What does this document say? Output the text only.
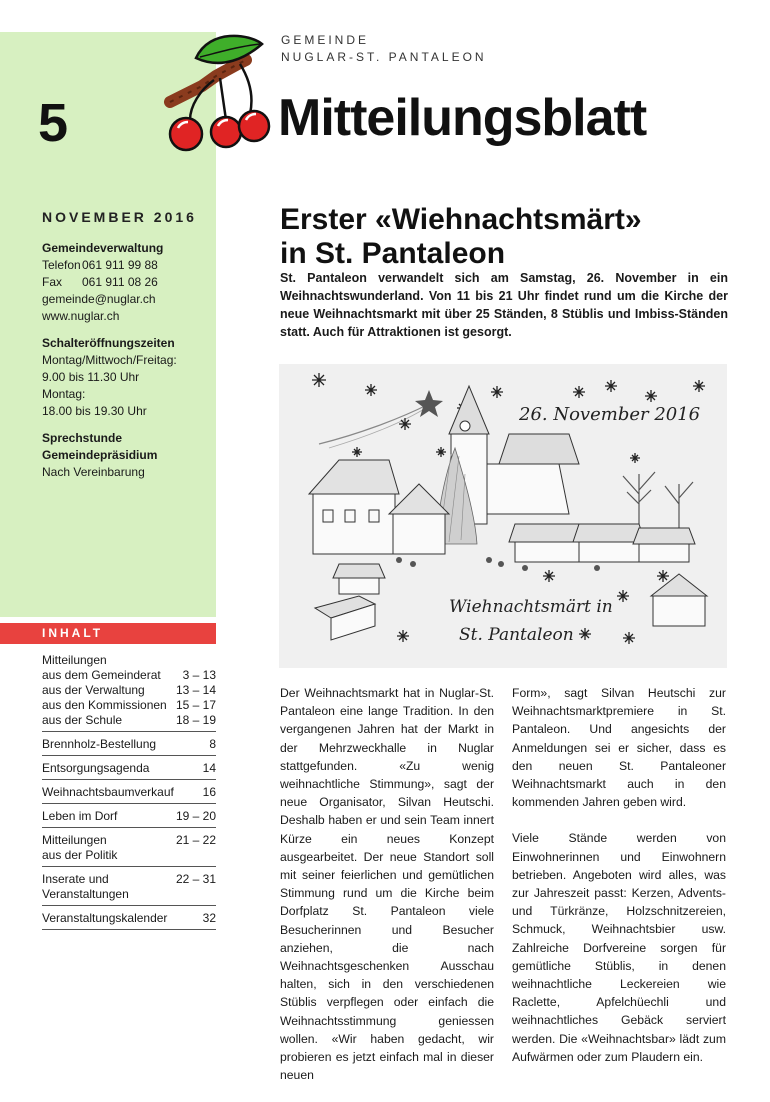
GEMEINDE
NUGLAR-ST. PANTALEON
Mitteilungsblatt
5
NOVEMBER 2016
Gemeindeverwaltung
Telefon 061 911 99 88
Fax	061 911 08 26
gemeinde@nuglar.ch
www.nuglar.ch
Schalteröffnungszeiten
Montag/Mittwoch/Freitag:
9.00 bis 11.30 Uhr
Montag:
18.00 bis 19.30 Uhr
Sprechstunde
Gemeindepräsidium
Nach Vereinbarung
INHALT
Mitteilungen
aus dem Gemeinderat 3 – 13
aus der Verwaltung	13 – 14
aus den Kommissionen 15 – 17
aus der Schule	18 – 19
Brennholz-Bestellung	8
Entsorgungsagenda	14
Weihnachtsbaumverkauf 16
Leben im Dorf	19 – 20
Mitteilungen	21 – 22
aus der Politik
Inserate und	22 – 31
Veranstaltungen
Veranstaltungskalender	32
Erster «Wiehnachtsmärt»
in St. Pantaleon
St. Pantaleon verwandelt sich am Samstag, 26. November in ein Weihnachtswunderland. Von 11 bis 21 Uhr findet rund um die Kirche der neue Weihnachtsmarkt mit über 25 Ständen, 8 Stüblis und Imbiss-Ständen statt. Auch für Attraktionen ist gesorgt.
26. November 2016
Wiehnachtsmärt in
St. Pantaleon

Der Weihnachtsmarkt hat in Nuglar-St. Pantaleon eine lange Tradition. In den vergangenen Jahren hat der Markt in der Mehrzweckhalle in Nuglar stattgefunden. «Zu wenig weihnachtliche Stimmung», sagt der neue Organisator, Silvan Heutschi. Deshalb haben er und sein Team innert Kürze ein neues Konzept ausgearbeitet. Der neue Standort soll mit seiner feierlichen und gemütlichen Stimmung rund um die Kirche beim Dorfplatz St. Pantaleon viele Besucherinnen und Besucher anziehen, die nach Weihnachtsgeschenken Ausschau halten, sich in den verschiedenen Stüblis verpflegen oder einfach die Weihnachtsstimmung geniessen wollen. «Wir haben gedacht, wir probieren es jetzt einfach mal in dieser neuen

Form», sagt Silvan Heutschi zur Weihnachtsmarktpremiere in St. Pantaleon. Und angesichts der Anmeldungen sei er sicher, dass es den neuen St. Pantaleoner Weihnachtsmarkt auch in den kommenden Jahren geben wird.

Viele Stände werden von Einwohnerinnen und Einwohnern betrieben. Angeboten wird alles, was zur Jahreszeit passt: Kerzen, Advents- und Türkränze, Holzschnitzereien, Schmuck, Weihnachtsbier usw. Zahlreiche Dorfvereine sorgen für gemütliche Stüblis, in denen weihnachtliche Leckereien wie Raclette, Apfelchüechli und weihnachtliches Gebäck serviert werden. Die «Weihnachtsbar» lädt zum Aufwärmen oder zum Plaudern ein.
